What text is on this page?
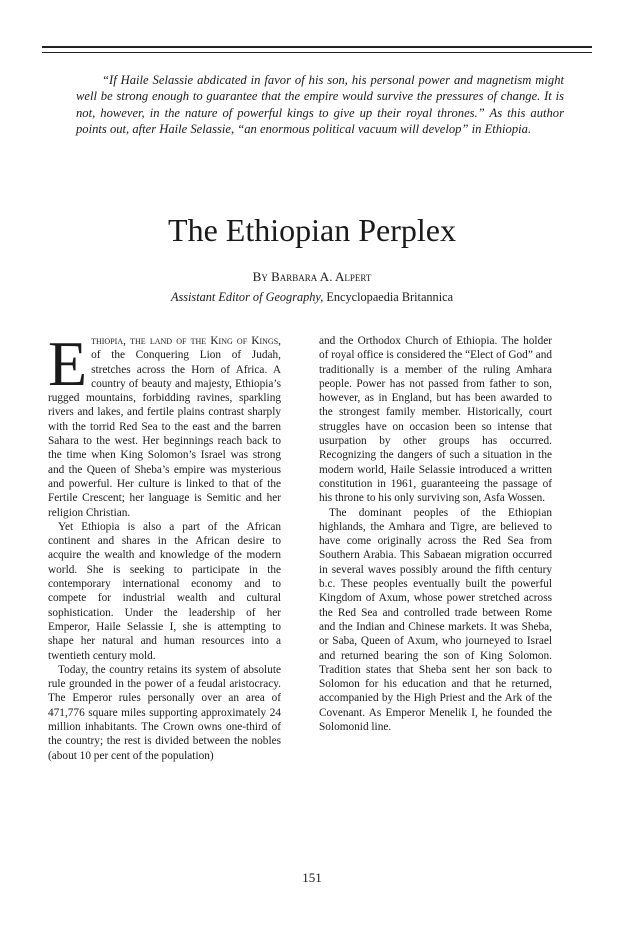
“If Haile Selassie abdicated in favor of his son, his personal power and magnetism might well be strong enough to guarantee that the empire would survive the pressures of change. It is not, however, in the nature of powerful kings to give up their royal thrones.” As this author points out, after Haile Selassie, “an enormous political vacuum will develop” in Ethiopia.

The Ethiopian Perplex
By Barbara A. Alpert
Assistant Editor of Geography, Encyclopaedia Britannica

Ethiopia, the land of the King of Kings, of the Conquering Lion of Judah, stretches across the Horn of Africa. A country of beauty and majesty, Ethiopia’s rugged mountains, forbidding ravines, sparkling rivers and lakes, and fertile plains contrast sharply with the torrid Red Sea to the east and the barren Sahara to the west. Her beginnings reach back to the time when King Solomon’s Israel was strong and the Queen of Sheba’s empire was mysterious and powerful. Her culture is linked to that of the Fertile Crescent; her language is Semitic and her religion Christian.

Yet Ethiopia is also a part of the African continent and shares in the African desire to acquire the wealth and knowledge of the modern world. She is seeking to participate in the contemporary international economy and to compete for industrial wealth and cultural sophistication. Under the leadership of her Emperor, Haile Selassie I, she is attempting to shape her natural and human resources into a twentieth century mold.

Today, the country retains its system of absolute rule grounded in the power of a feudal aristocracy. The Emperor rules personally over an area of 471,776 square miles supporting approximately 24 million inhabitants. The Crown owns one-third of the country; the rest is divided between the nobles (about 10 per cent of the population)

and the Orthodox Church of Ethiopia. The holder of royal office is considered the “Elect of God” and traditionally is a member of the ruling Amhara people. Power has not passed from father to son, however, as in England, but has been awarded to the strongest family member. Historically, court struggles have on occasion been so intense that usurpation by other groups has occurred. Recognizing the dangers of such a situation in the modern world, Haile Selassie introduced a written constitution in 1961, guaranteeing the passage of his throne to his only surviving son, Asfa Wossen.

The dominant peoples of the Ethiopian highlands, the Amhara and Tigre, are believed to have come originally across the Red Sea from Southern Arabia. This Sabaean migration occurred in several waves possibly around the fifth century b.c. These peoples eventually built the powerful Kingdom of Axum, whose power stretched across the Red Sea and controlled trade between Rome and the Indian and Chinese markets. It was Sheba, or Saba, Queen of Axum, who journeyed to Israel and returned bearing the son of King Solomon. Tradition states that Sheba sent her son back to Solomon for his education and that he returned, accompanied by the High Priest and the Ark of the Covenant. As Emperor Menelik I, he founded the Solomonid line.

151
